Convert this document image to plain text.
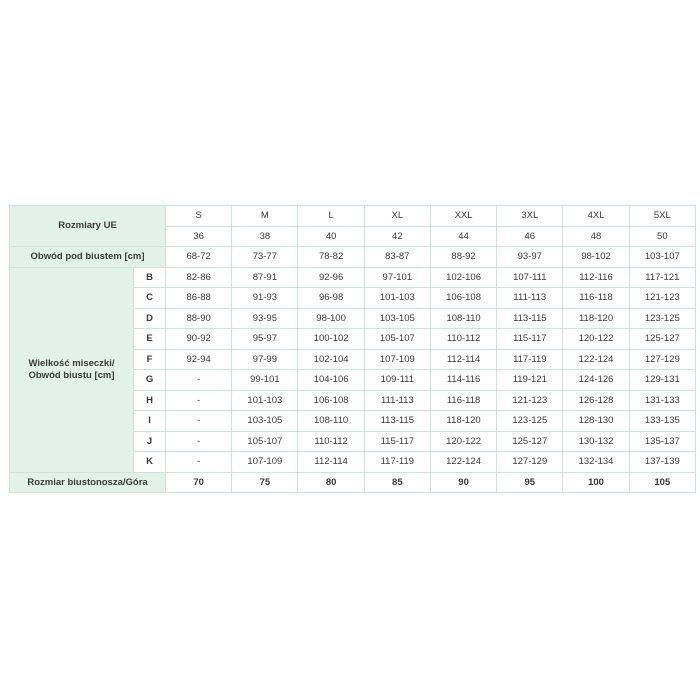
Rozmiary UE		S	M	L	XL	XXL	3XL	4XL	5XL
		36	38	40	42	44	46	48	50
Obwód pod biustem [cm]		68-72	73-77	78-82	83-87	88-92	93-97	98-102	103-107

Wielkość miseczki/
Obwód biustu [cm]	B	82-86	87-91	92-96	97-101	102-106	107-111	112-116	117-121
	C	86-88	91-93	96-98	101-103	106-108	111-113	116-118	121-123
	D	88-90	93-95	98-100	103-105	108-110	113-115	118-120	123-125
	E	90-92	95-97	100-102	105-107	110-112	115-117	120-122	125-127
	F	92-94	97-99	102-104	107-109	112-114	117-119	122-124	127-129
	G	-	99-101	104-106	109-111	114-116	119-121	124-126	129-131
	H	-	101-103	106-108	111-113	116-118	121-123	126-128	131-133
	I	-	103-105	108-110	113-115	118-120	123-125	128-130	133-135
	J	-	105-107	110-112	115-117	120-122	125-127	130-132	135-137
	K	-	107-109	112-114	117-119	122-124	127-129	132-134	137-139
Rozmiar biustonosza/Góra		70	75	80	85	90	95	100	105
